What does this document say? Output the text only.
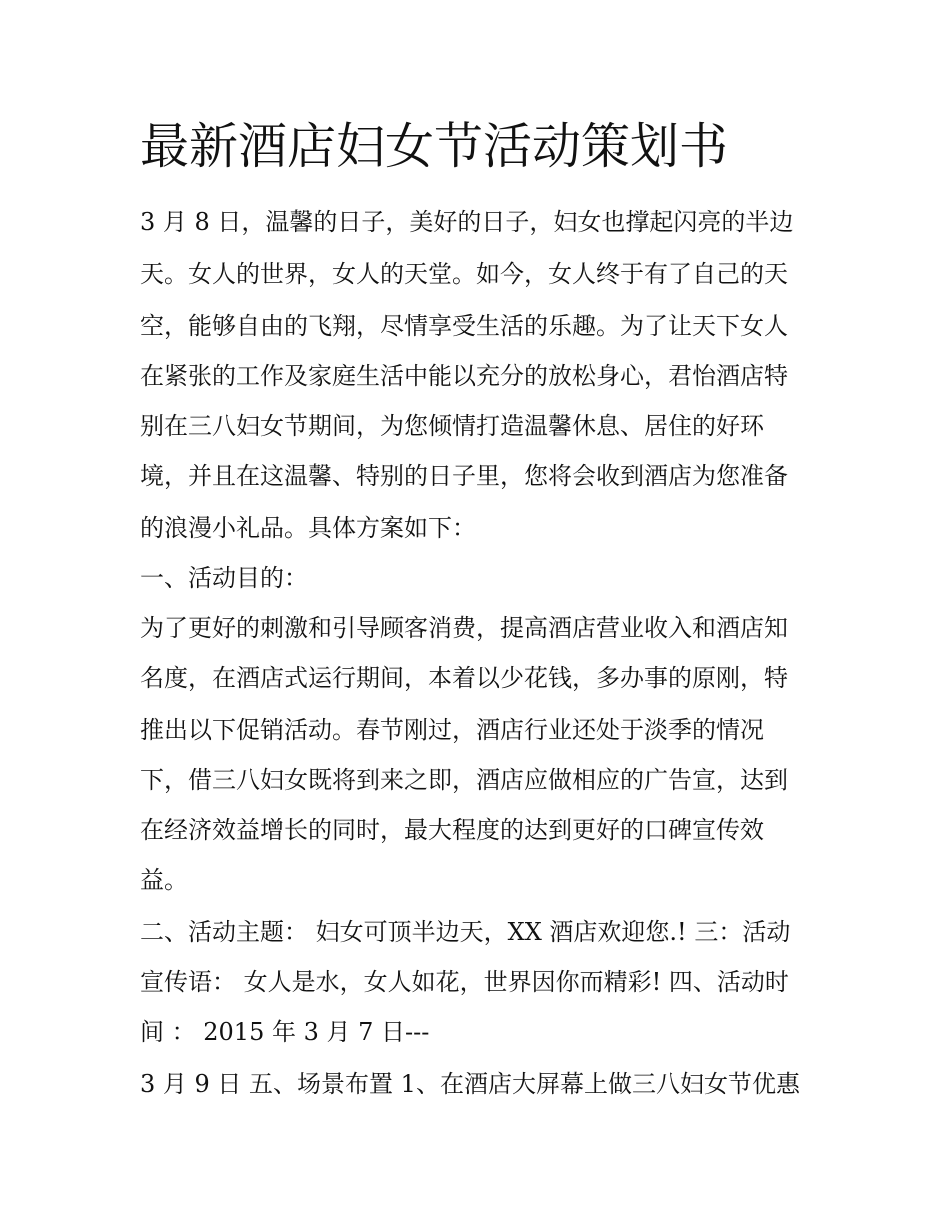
最新酒店妇女节活动策划书

3 月 8 日，温馨的日子，美好的日子，妇女也撑起闪亮的半边

天。女人的世界，女人的天堂。如今，女人终于有了自己的天

空，能够自由的飞翔，尽情享受生活的乐趣。为了让天下女人

在紧张的工作及家庭生活中能以充分的放松身心，君怡酒店特

别在三八妇女节期间，为您倾情打造温馨休息、居住的好环

境，并且在这温馨、特别的日子里，您将会收到酒店为您准备

的浪漫小礼品。具体方案如下：

一、活动目的：

为了更好的刺激和引导顾客消费，提高酒店营业收入和酒店知

名度，在酒店式运行期间，本着以少花钱，多办事的原刚，特

推出以下促销活动。春节刚过，酒店行业还处于淡季的情况

下，借三八妇女既将到来之即，酒店应做相应的广告宣，达到

在经济效益增长的同时，最大程度的达到更好的口碑宣传效

益。

二、活动主题： 妇女可顶半边天，XX 酒店欢迎您.! 三：活动

宣传语： 女人是水，女人如花，世界因你而精彩! 四、活动时

间 ： 2015 年 3 月 7 日---

3 月 9 日 五、场景布置 1、在酒店大屏幕上做三八妇女节优惠
